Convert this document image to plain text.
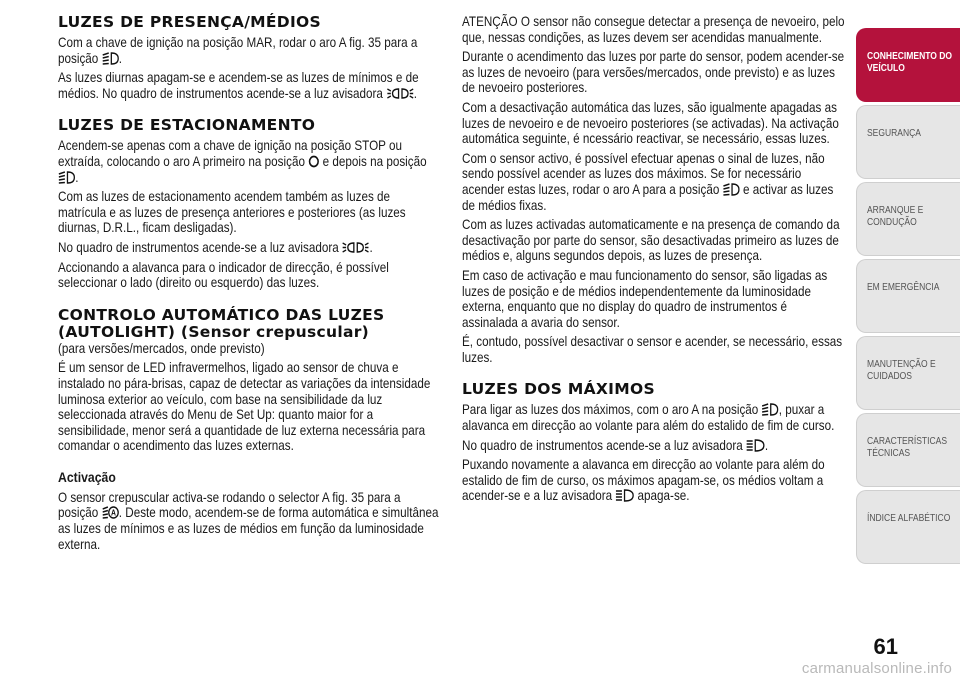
LUZES DE PRESENÇA/MÉDIOS

Com a chave de ignição na posição MAR, rodar o aro A fig. 35 para a posição .

As luzes diurnas apagam-se e acendem-se as luzes de mínimos e de médios. No quadro de instrumentos acende-se a luz avisadora .

LUZES DE ESTACIONAMENTO

Acendem-se apenas com a chave de ignição na posição STOP ou extraída, colocando o aro A primeiro na posição e depois na posição .

Com as luzes de estacionamento acendem também as luzes de matrícula e as luzes de presença anteriores e posteriores (as luzes diurnas, D.R.L., ficam desligadas).

No quadro de instrumentos acende-se a luz avisadora .

Accionando a alavanca para o indicador de direcção, é possível seleccionar o lado (direito ou esquerdo) das luzes.

CONTROLO AUTOMÁTICO DAS LUZES
(AUTOLIGHT) (Sensor crepuscular)

(para versões/mercados, onde previsto)

É um sensor de LED infravermelhos, ligado ao sensor de chuva e instalado no pára-brisas, capaz de detectar as variações da intensidade luminosa exterior ao veículo, com base na sensibilidade da luz seleccionada através do Menu de Set Up: quanto maior for a sensibilidade, menor será a quantidade de luz externa necessária para comandar o acendimento das luzes externas.

Activação

O sensor crepuscular activa-se rodando o selector A fig. 35 para a posição A . Deste modo, acendem-se de forma automática e simultânea as luzes de mínimos e as luzes de médios em função da luminosidade externa.

ATENÇÃO O sensor não consegue detectar a presença de nevoeiro, pelo que, nessas condições, as luzes devem ser acendidas manualmente.

Durante o acendimento das luzes por parte do sensor, podem acender-se as luzes de nevoeiro (para versões/mercados, onde previsto) e as luzes de nevoeiro posteriores.

Com a desactivação automática das luzes, são igualmente apagadas as luzes de nevoeiro e de nevoeiro posteriores (se activadas). Na activação automática seguinte, é ncessário reactivar, se necessário, essas luzes.

Com o sensor activo, é possível efectuar apenas o sinal de luzes, não sendo possível acender as luzes dos máximos. Se for necessário acender estas luzes, rodar o aro A para a posição e activar as luzes de médios fixas.

Com as luzes activadas automaticamente e na presença de comando da desactivação por parte do sensor, são desactivadas primeiro as luzes de médios e, alguns segundos depois, as luzes de presença.

Em caso de activação e mau funcionamento do sensor, são ligadas as luzes de posição e de médios independentemente da luminosidade externa, enquanto que no display do quadro de instrumentos é assinalada a avaria do sensor.

É, contudo, possível desactivar o sensor e acender, se necessário, essas luzes.

LUZES DOS MÁXIMOS

Para ligar as luzes dos máximos, com o aro A na posição , puxar a alavanca em direcção ao volante para além do estalido de fim de curso.

No quadro de instrumentos acende-se a luz avisadora .

Puxando novamente a alavanca em direcção ao volante para além do estalido de fim de curso, os máximos apagam-se, os médios voltam a acender-se e a luz avisadora apaga-se.

CONHECIMENTO DO VEÍCULO
SEGURANÇA
ARRANQUE E CONDUÇÃO
EM EMERGÊNCIA
MANUTENÇÃO E CUIDADOS
CARACTERÍSTICAS TÉCNICAS
ÍNDICE ALFABÉTICO
61
carmanualsonline.info
